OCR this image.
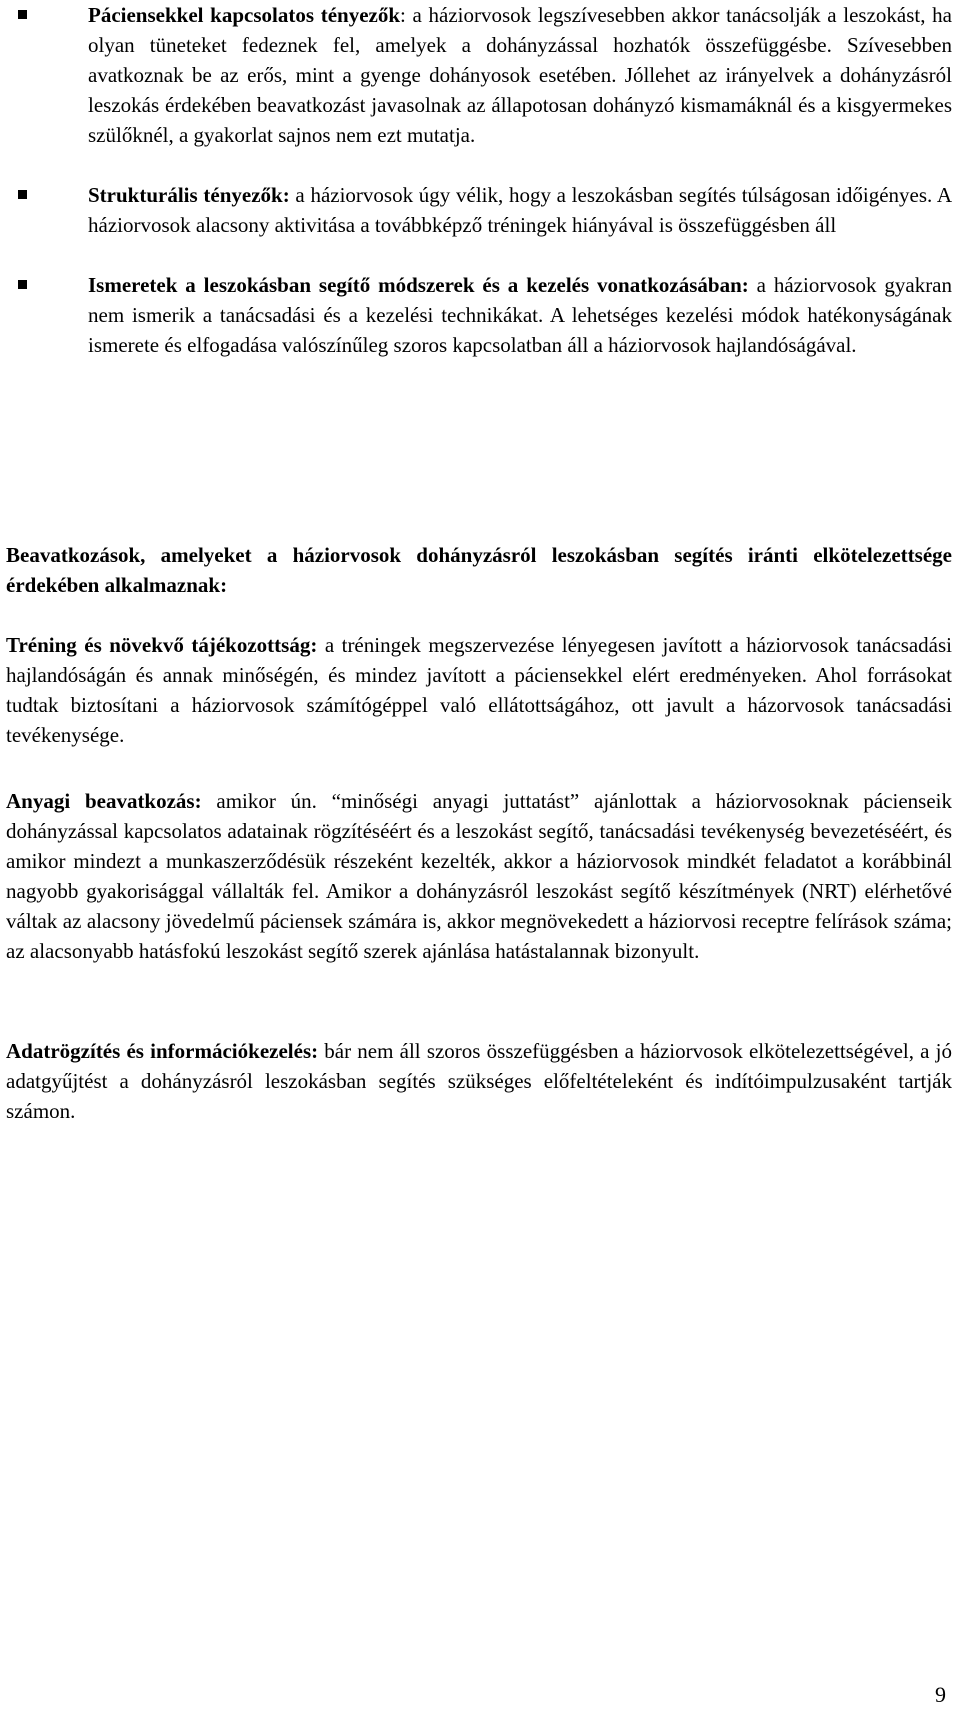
Páciensekkel kapcsolatos tényezők: a háziorvosok legszívesebben akkor tanácsolják a leszokást, ha olyan tüneteket fedeznek fel, amelyek a dohányzással hozhatók összefüggésbe. Szívesebben avatkoznak be az erős, mint a gyenge dohányosok esetében. Jóllehet az irányelvek a dohányzásról leszokás érdekében beavatkozást javasolnak az állapotosan dohányzó kismamáknál és a kisgyermekes szülőknél, a gyakorlat sajnos nem ezt mutatja.
Strukturális tényezők: a háziorvosok úgy vélik, hogy a leszokásban segítés túlságosan időigényes. A háziorvosok alacsony aktivitása a továbbképző tréningek hiányával is összefüggésben áll
Ismeretek a leszokásban segítő módszerek és a kezelés vonatkozásában: a háziorvosok gyakran nem ismerik a tanácsadási és a kezelési technikákat. A lehetséges kezelési módok hatékonyságának ismerete és elfogadása valószínűleg szoros kapcsolatban áll a háziorvosok hajlandóságával.
Beavatkozások, amelyeket a háziorvosok dohányzásról leszokásban segítés iránti elkötelezettsége érdekében alkalmaznak:
Tréning és növekvő tájékozottság: a tréningek megszervezése lényegesen javított a háziorvosok tanácsadási hajlandóságán és annak minőségén, és mindez javított a páciensekkel elért eredményeken. Ahol forrásokat tudtak biztosítani a háziorvosok számítógéppel való ellátottságához, ott javult a házorvosok tanácsadási tevékenysége.
Anyagi beavatkozás: amikor ún. “minőségi anyagi juttatást” ajánlottak a háziorvosoknak pácienseik dohányzással kapcsolatos adatainak rögzítéséért és a leszokást segítő, tanácsadási tevékenység bevezetéséért, és amikor mindezt a munkaszerződésük részeként kezelték, akkor a háziorvosok mindkét feladatot a korábbinál nagyobb gyakorisággal vállalták fel. Amikor a dohányzásról leszokást segítő készítmények (NRT) elérhetővé váltak az alacsony jövedelmű páciensek számára is, akkor megnövekedett a háziorvosi receptre felírások száma; az alacsonyabb hatásfokú leszokást segítő szerek ajánlása hatástalannak bizonyult.
Adatrögzítés és információkezelés: bár nem áll szoros összefüggésben a háziorvosok elkötelezettségével, a jó adatgyűjtést a dohányzásról leszokásban segítés szükséges előfeltételeként és indítóimpulzusaként tartják számon.
9
